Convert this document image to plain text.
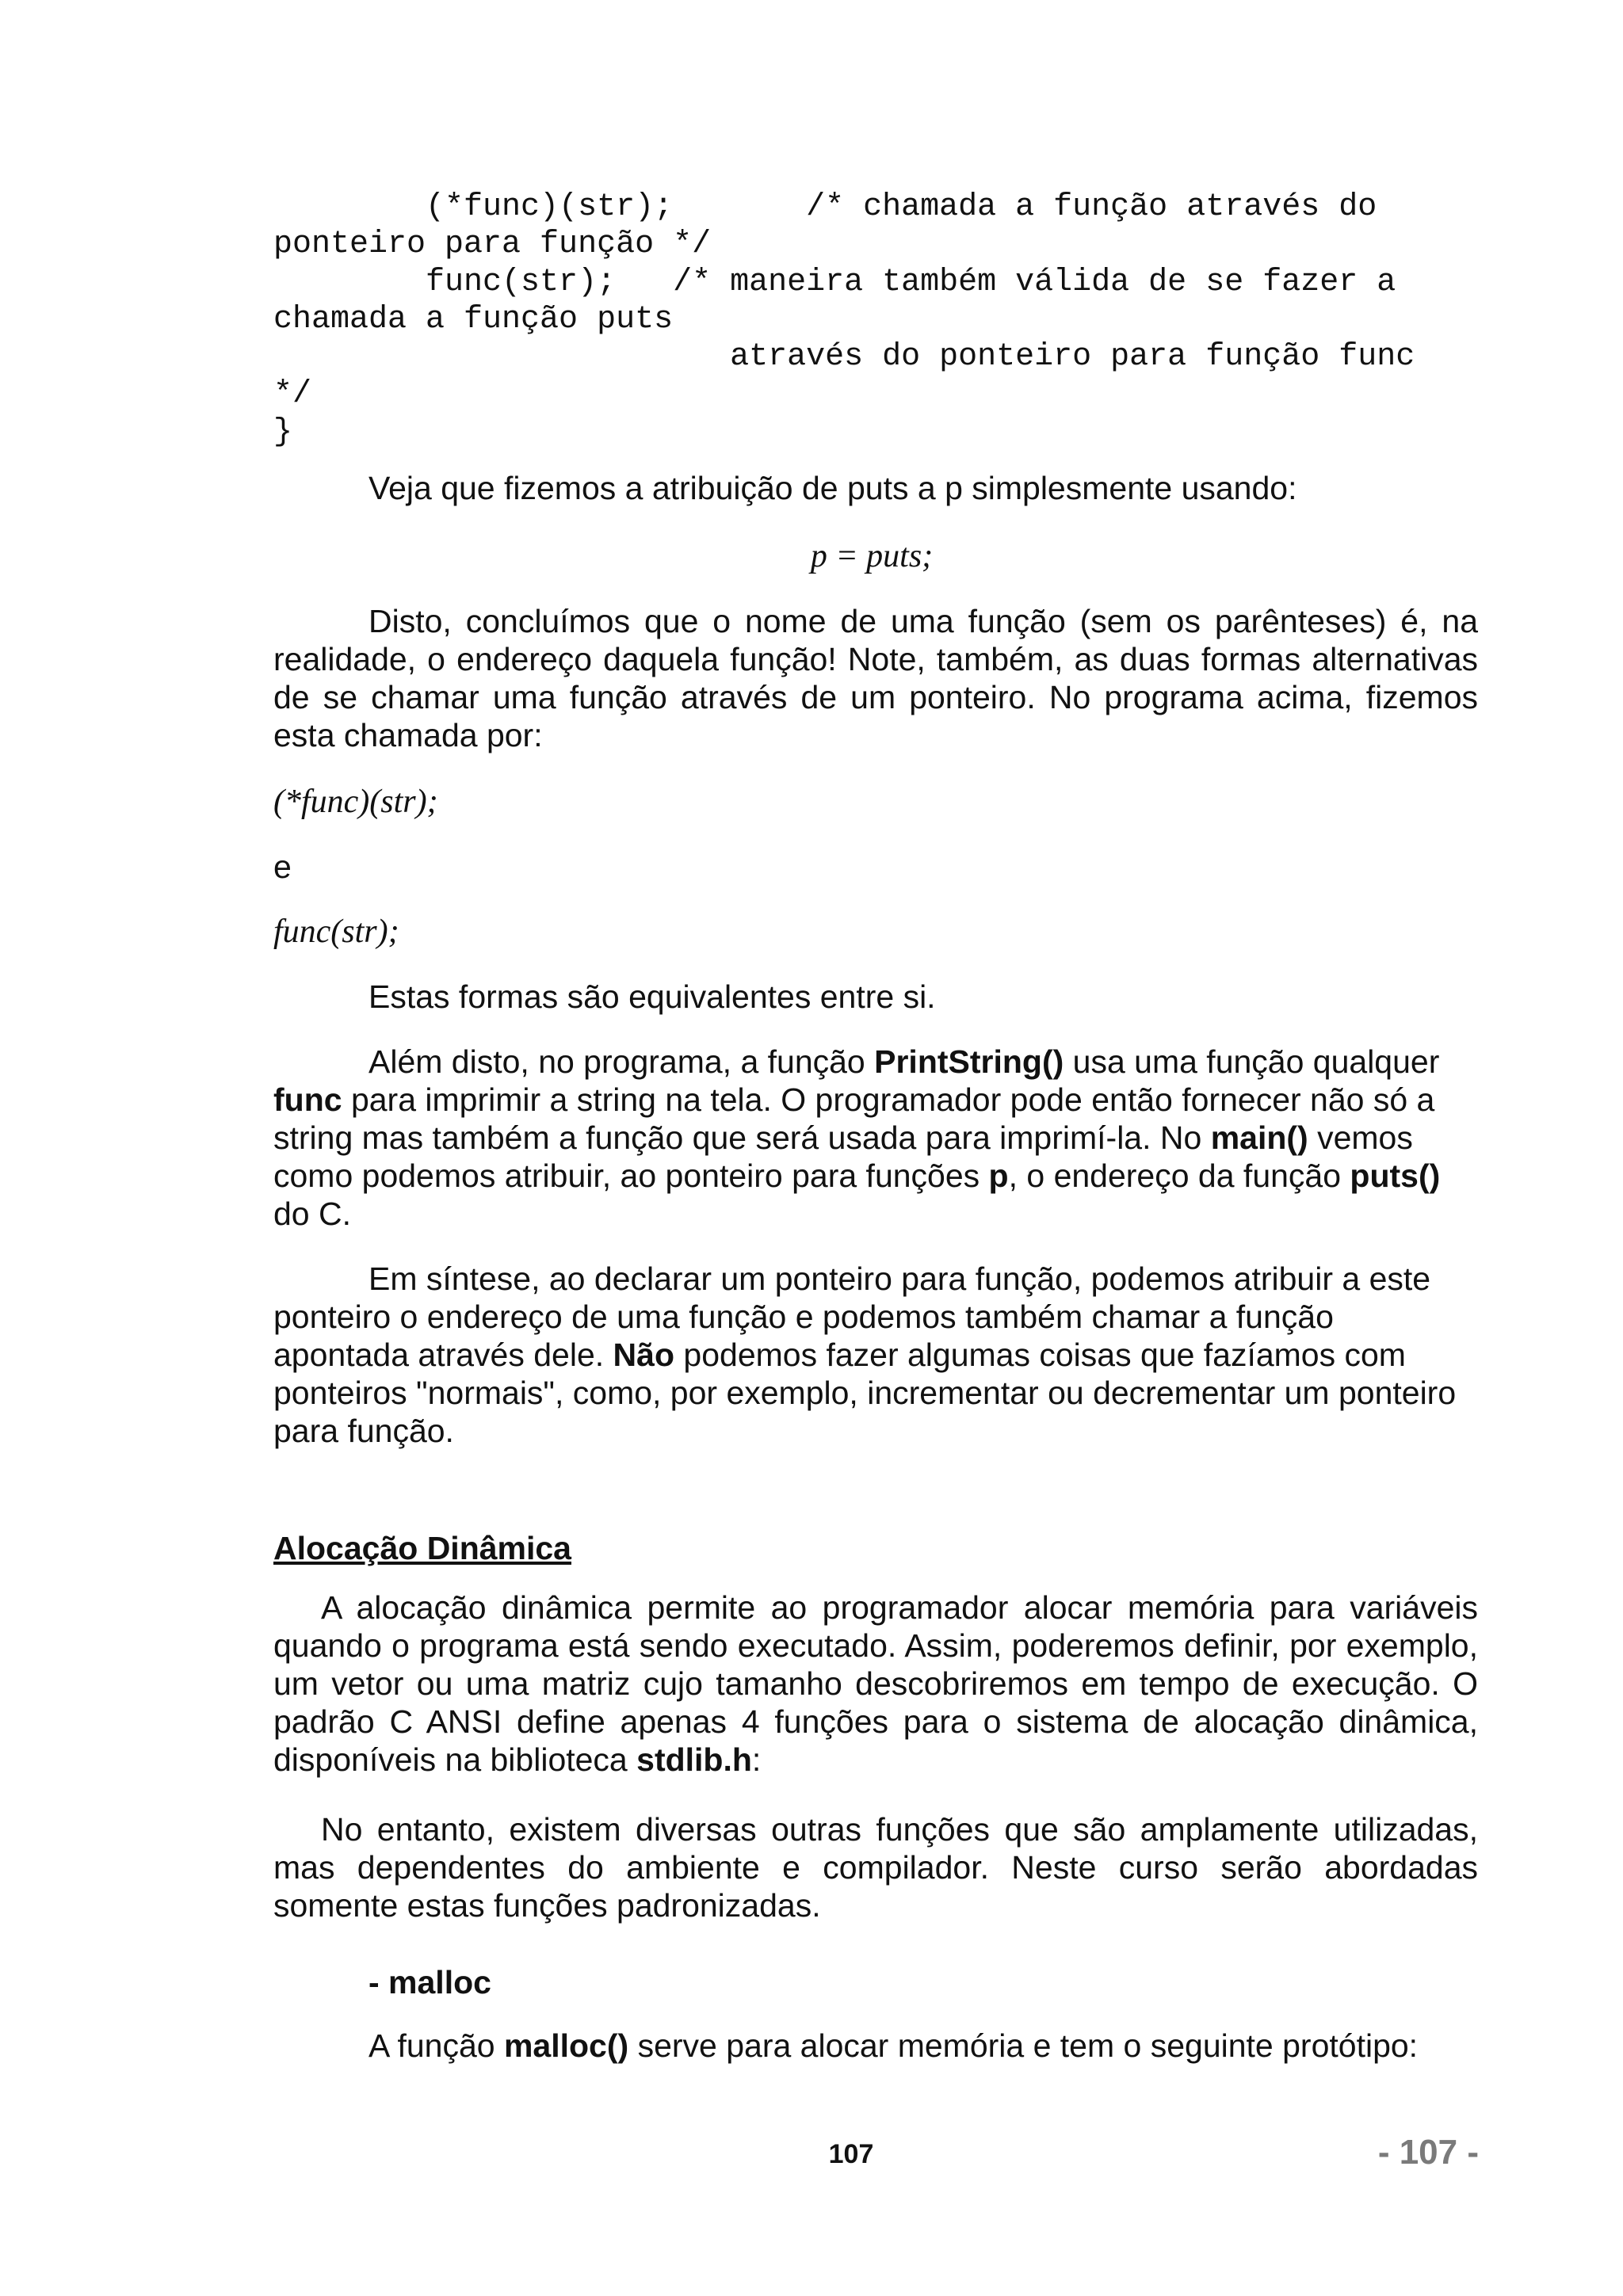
(*func)(str);       /* chamada a função através do
ponteiro para função */
func(str);   /* maneira também válida de se fazer a
chamada a função puts
através do ponteiro para função func
*/
}
Veja que fizemos a atribuição de puts a p simplesmente usando:
p = puts;
Disto, concluímos que o nome de uma função (sem os parênteses) é, na realidade, o endereço daquela função! Note, também, as duas formas alternativas de se chamar uma função através de um ponteiro. No programa acima, fizemos esta chamada por:
(*func)(str);
e
func(str);
Estas formas são equivalentes entre si.
Além disto, no programa, a função PrintString() usa uma função qualquer func para imprimir a string na tela. O programador pode então fornecer não só a string mas também a função que será usada para imprimí-la. No main() vemos como podemos atribuir, ao ponteiro para funções p, o endereço da função puts() do C.
Em síntese, ao declarar um ponteiro para função, podemos atribuir a este ponteiro o endereço de uma função e podemos também chamar a função apontada através dele. Não podemos fazer algumas coisas que fazíamos com ponteiros "normais", como, por exemplo, incrementar ou decrementar um ponteiro para função.
Alocação Dinâmica
A alocação dinâmica permite ao programador alocar memória para variáveis quando o programa está sendo executado. Assim, poderemos definir, por exemplo, um vetor ou uma matriz cujo tamanho descobriremos em tempo de execução. O padrão C ANSI define apenas 4 funções para o sistema de alocação dinâmica, disponíveis na biblioteca stdlib.h:
No entanto, existem diversas outras funções que são amplamente utilizadas, mas dependentes do ambiente e compilador. Neste curso serão abordadas somente estas funções padronizadas.
- malloc
A função malloc() serve para alocar memória e tem o seguinte protótipo:
107	- 107 -
